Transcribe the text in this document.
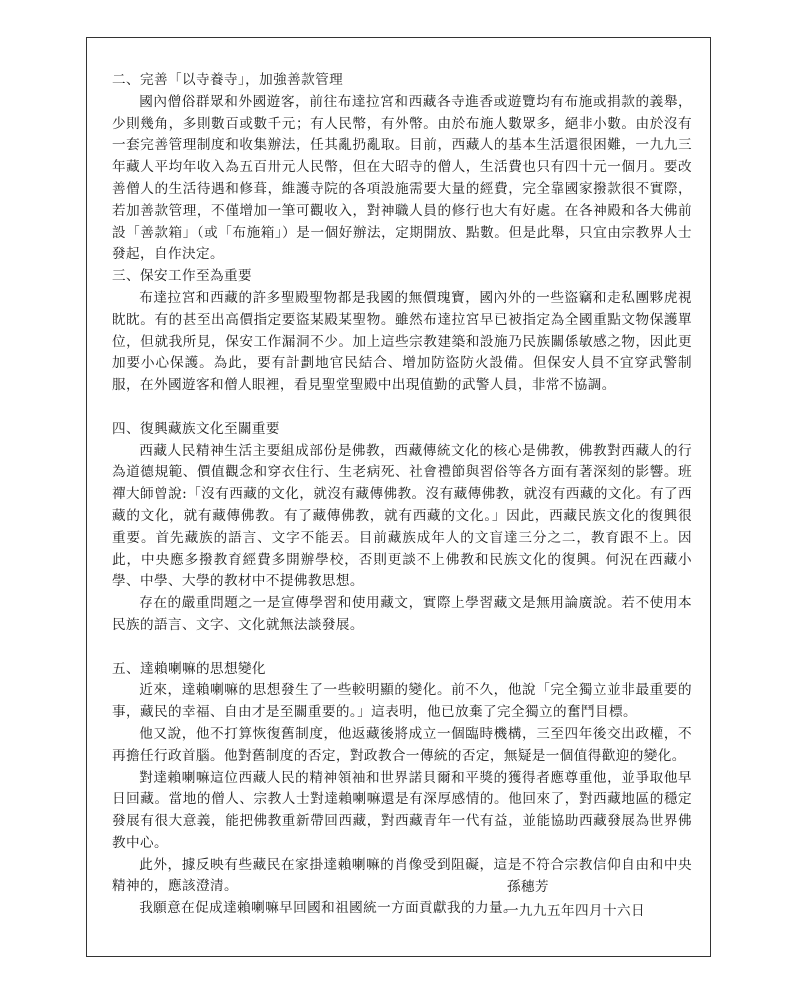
二、完善「以寺養寺」，加強善款管理

國內僧俗群眾和外國遊客，前往布達拉宮和西藏各寺進香或遊覽均有布施或捐款的義舉，少則幾角，多則數百或數千元；有人民幣，有外幣。由於布施人數眾多，絕非小數。由於沒有一套完善管理制度和收集辦法，任其亂扔亂取。目前，西藏人的基本生活還很困難，一九九三年藏人平均年收入為五百卅元人民幣，但在大昭寺的僧人，生活費也只有四十元一個月。要改善僧人的生活待遇和修葺，維護寺院的各項設施需要大量的經費，完全靠國家撥款很不實際，若加善款管理，不僅增加一筆可觀收入，對神職人員的修行也大有好處。在各神殿和各大佛前設「善款箱」（或「布施箱」）是一個好辦法，定期開放、點數。但是此舉，只宜由宗教界人士發起，自作決定。

三、保安工作至為重要

布達拉宮和西藏的許多聖殿聖物都是我國的無價瑰寶，國內外的一些盜竊和走私團夥虎視眈眈。有的甚至出高價指定要盜某殿某聖物。雖然布達拉宮早已被指定為全國重點文物保護單位，但就我所見，保安工作漏洞不少。加上這些宗教建築和設施乃民族關係敏感之物，因此更加要小心保護。為此，要有計劃地官民結合、增加防盜防火設備。但保安人員不宜穿武警制服，在外國遊客和僧人眼裡，看見聖堂聖殿中出現值勤的武警人員，非常不協調。

四、復興藏族文化至關重要

西藏人民精神生活主要組成部份是佛教，西藏傳統文化的核心是佛教，佛教對西藏人的行為道德規範、價值觀念和穿衣住行、生老病死、社會禮節與習俗等各方面有著深刻的影響。班禪大師曾說:「沒有西藏的文化，就沒有藏傳佛教。沒有藏傳佛教，就沒有西藏的文化。有了西藏的文化，就有藏傳佛教。有了藏傳佛教，就有西藏的文化。」因此，西藏民族文化的復興很重要。首先藏族的語言、文字不能丟。目前藏族成年人的文盲達三分之二，教育跟不上。因此，中央應多撥教育經費多開辦學校，否則更談不上佛教和民族文化的復興。何況在西藏小學、中學、大學的教材中不提佛教思想。

存在的嚴重問題之一是宣傳學習和使用藏文，實際上學習藏文是無用論廣說。若不使用本民族的語言、文字、文化就無法談發展。

五、達賴喇嘛的思想變化

近來，達賴喇嘛的思想發生了一些較明顯的變化。前不久，他說「完全獨立並非最重要的事，藏民的幸福、自由才是至關重要的。」這表明，他已放棄了完全獨立的奮鬥目標。

他又說，他不打算恢復舊制度，他返藏後將成立一個臨時機構，三至四年後交出政權，不再擔任行政首腦。他對舊制度的否定，對政教合一傳統的否定，無疑是一個值得歡迎的變化。

對達賴喇嘛這位西藏人民的精神領袖和世界諾貝爾和平獎的獲得者應尊重他，並爭取他早日回藏。當地的僧人、宗教人士對達賴喇嘛還是有深厚感情的。他回來了，對西藏地區的穩定發展有很大意義，能把佛教重新帶回西藏，對西藏青年一代有益，並能協助西藏發展為世界佛教中心。

此外，據反映有些藏民在家掛達賴喇嘛的肖像受到阻礙，這是不符合宗教信仰自由和中央精神的，應該澄清。

我願意在促成達賴喇嘛早回國和祖國統一方面貢獻我的力量。

孫穗芳
一九九五年四月十六日
